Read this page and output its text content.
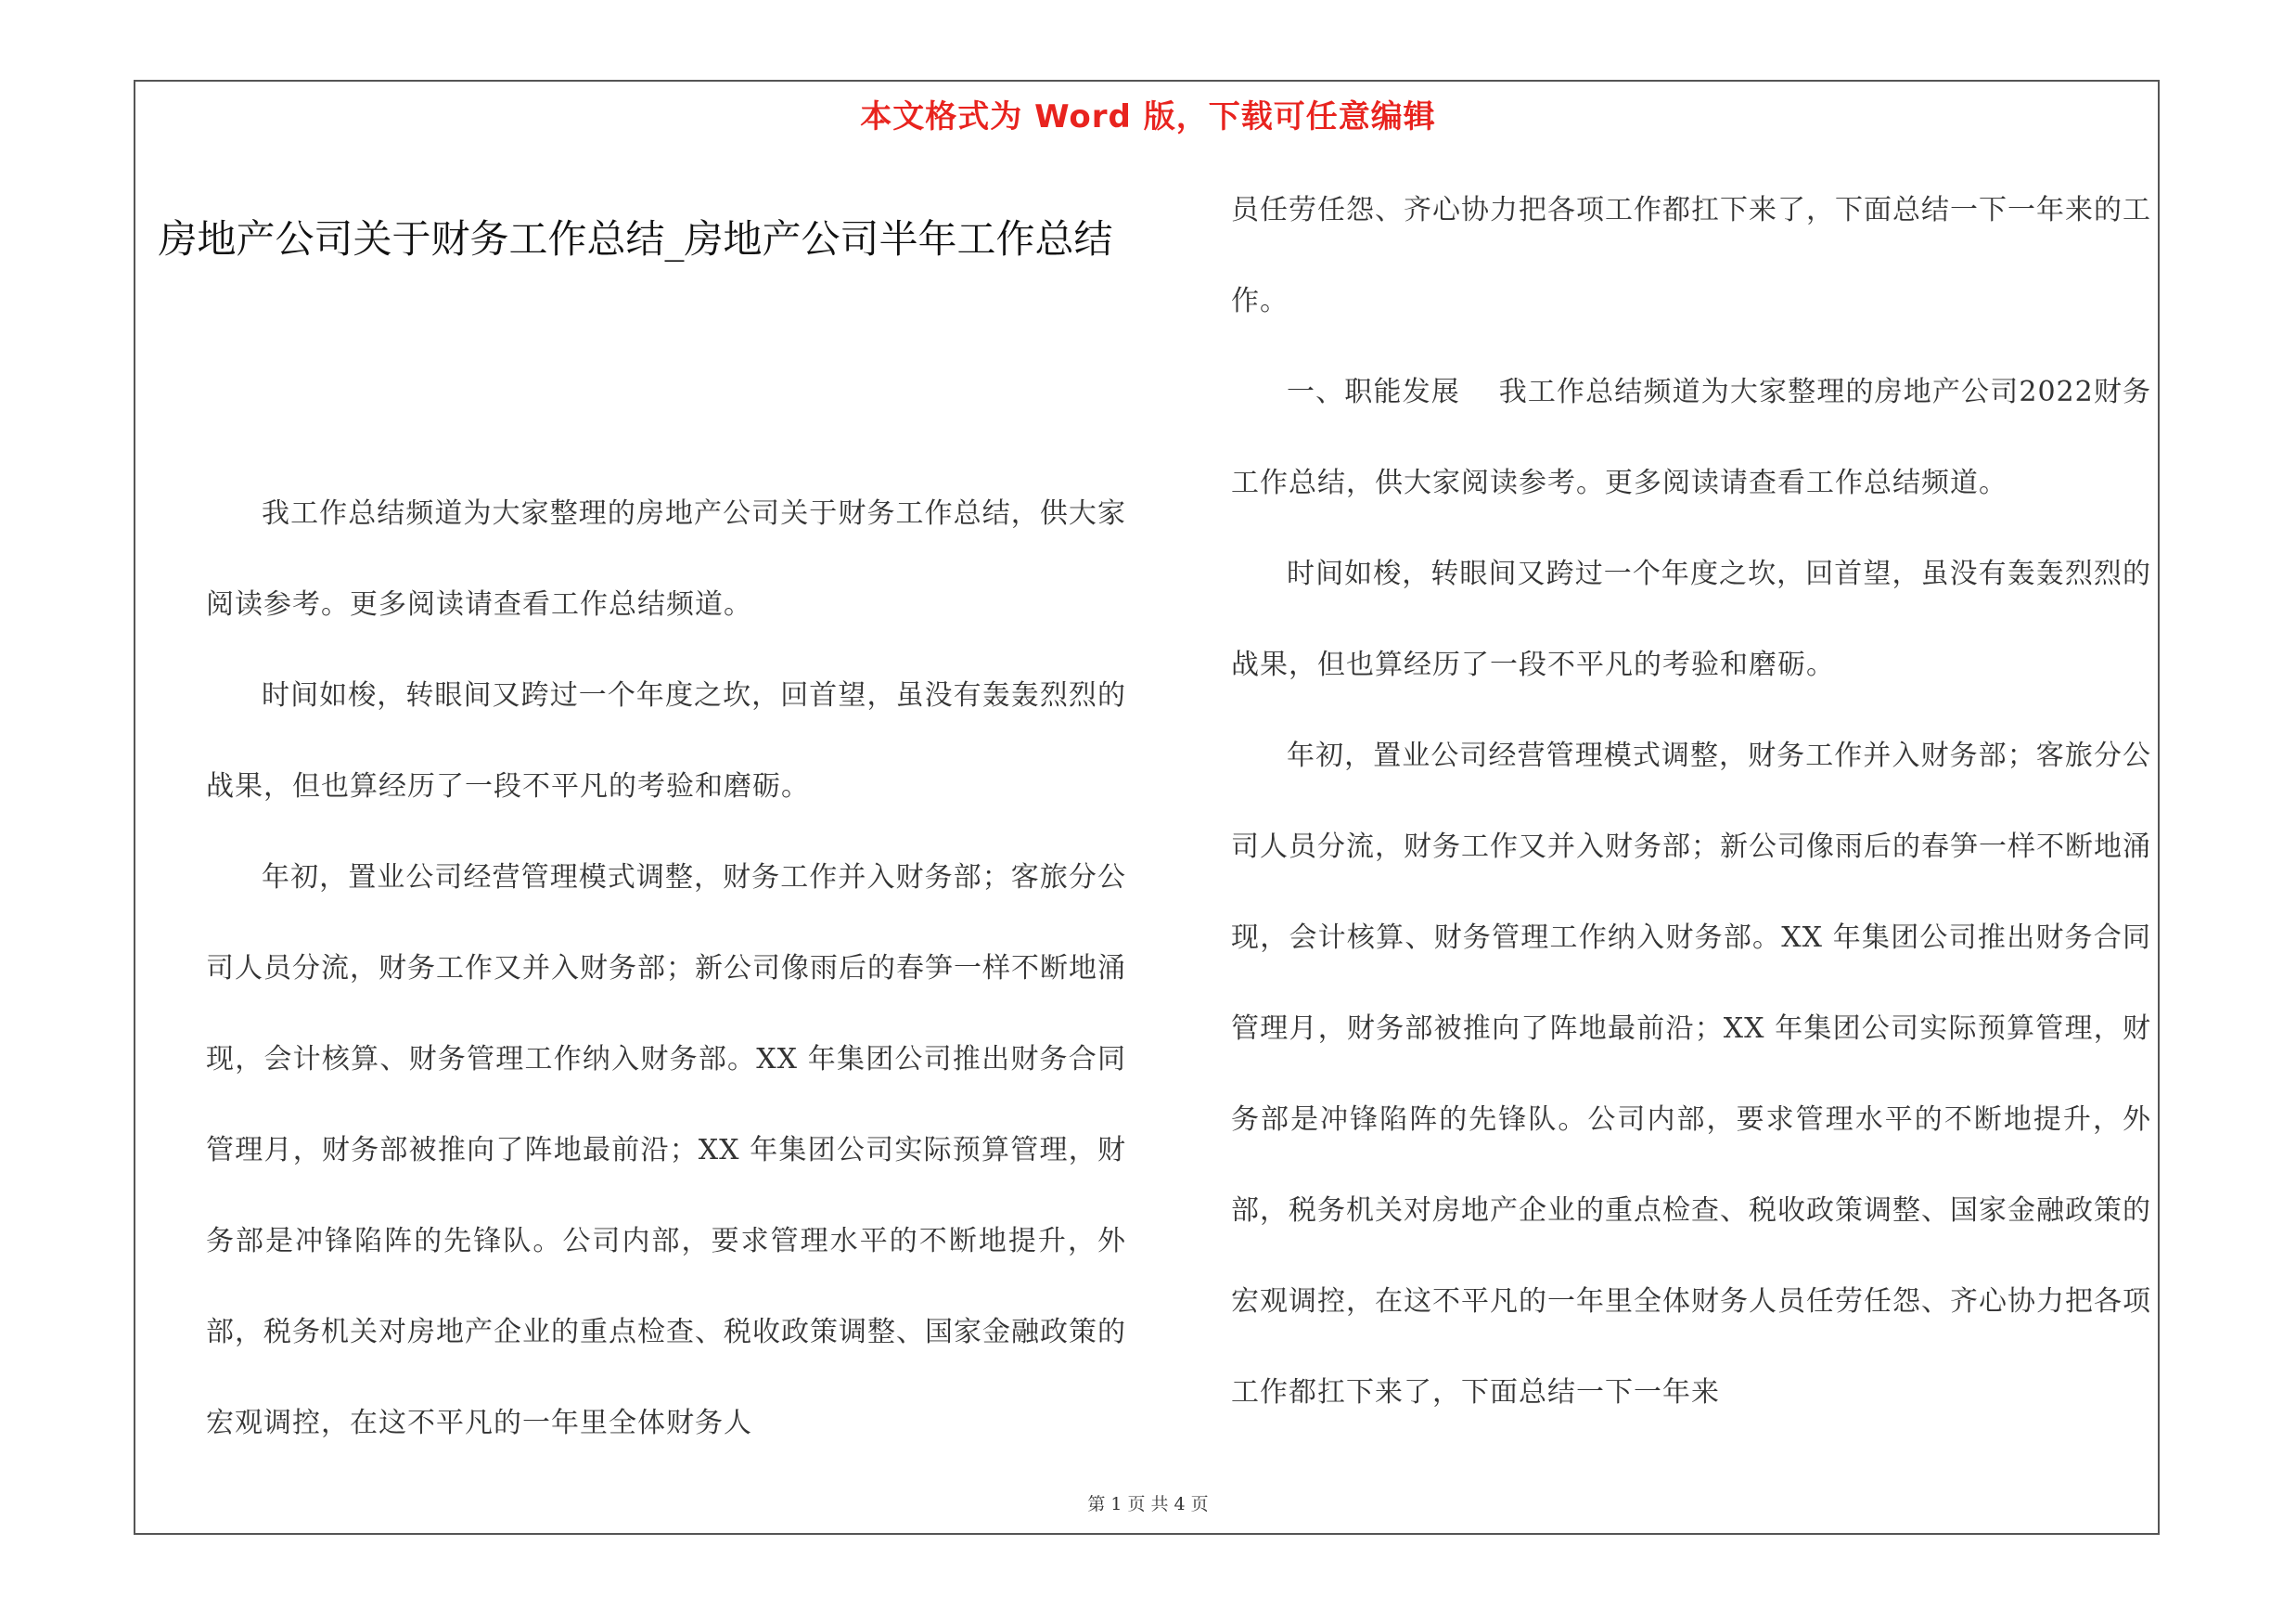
本文格式为 Word 版，下载可任意编辑
房地产公司关于财务工作总结_房地产公司半年工作总结

我工作总结频道为大家整理的房地产公司关于财务工作总结，供大家阅读参考。更多阅读请查看工作总结频道。

时间如梭，转眼间又跨过一个年度之坎，回首望，虽没有轰轰烈烈的战果，但也算经历了一段不平凡的考验和磨砺。

年初，置业公司经营管理模式调整，财务工作并入财务部；客旅分公司人员分流，财务工作又并入财务部；新公司像雨后的春笋一样不断地涌现，会计核算、财务管理工作纳入财务部。XX 年集团公司推出财务合同管理月，财务部被推向了阵地最前沿；XX 年集团公司实际预算管理，财务部是冲锋陷阵的先锋队。公司内部，要求管理水平的不断地提升，外部，税务机关对房地产企业的重点检查、税收政策调整、国家金融政策的宏观调控，在这不平凡的一年里全体财务人

员任劳任怨、齐心协力把各项工作都扛下来了，下面总结一下一年来的工作。

一、职能发展　 我工作总结频道为大家整理的房地产公司2022财务工作总结，供大家阅读参考。更多阅读请查看工作总结频道。

时间如梭，转眼间又跨过一个年度之坎，回首望，虽没有轰轰烈烈的战果，但也算经历了一段不平凡的考验和磨砺。

年初，置业公司经营管理模式调整，财务工作并入财务部；客旅分公司人员分流，财务工作又并入财务部；新公司像雨后的春笋一样不断地涌现，会计核算、财务管理工作纳入财务部。XX 年集团公司推出财务合同管理月，财务部被推向了阵地最前沿；XX 年集团公司实际预算管理，财务部是冲锋陷阵的先锋队。公司内部，要求管理水平的不断地提升，外部，税务机关对房地产企业的重点检查、税收政策调整、国家金融政策的宏观调控，在这不平凡的一年里全体财务人员任劳任怨、齐心协力把各项工作都扛下来了，下面总结一下一年来

第 1 页 共 4 页
